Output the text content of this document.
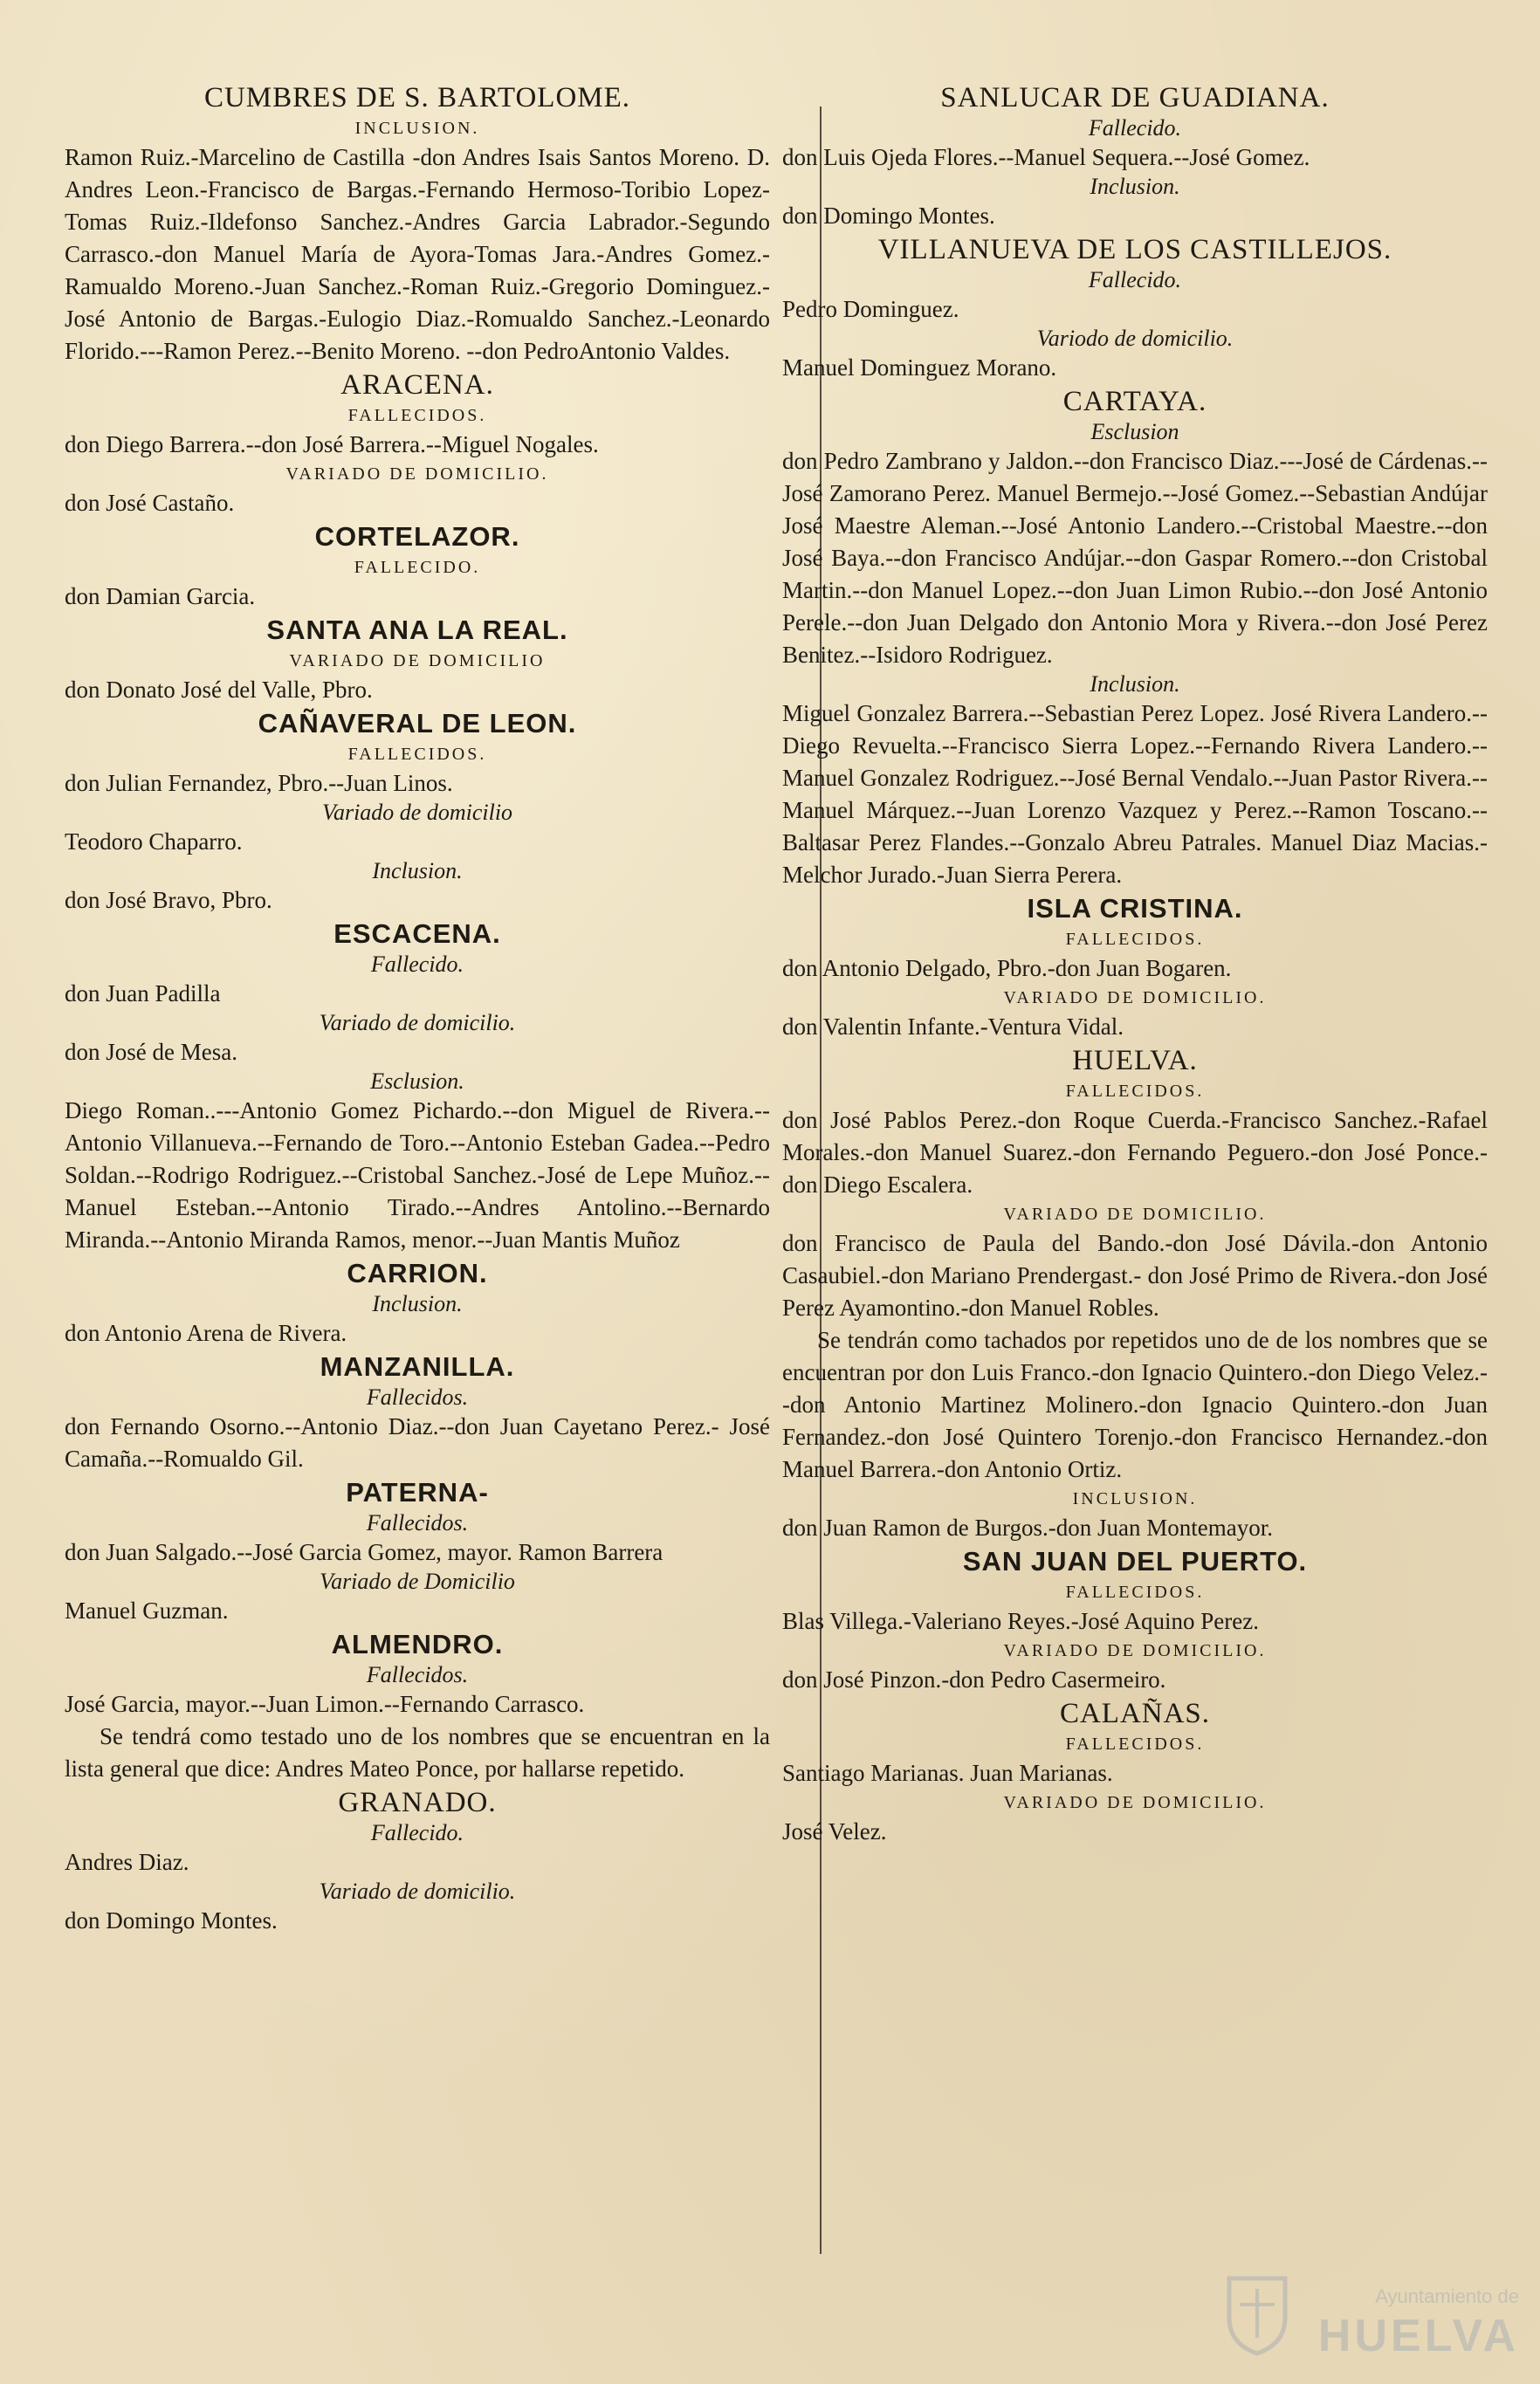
CUMBRES DE S. BARTOLOME.
INCLUSION.

Ramon Ruiz.-Marcelino de Castilla -don Andres Isais Santos Moreno. D. Andres Leon.-Francisco de Bargas.-Fernando Hermoso-Toribio Lopez-Tomas Ruiz.-Ildefonso Sanchez.-Andres Garcia Labrador.-Segundo Carrasco.-don Manuel María de Ayora-Tomas Jara.-Andres Gomez.-Ramualdo Moreno.-Juan Sanchez.-Roman Ruiz.-Gregorio Dominguez.-José Antonio de Bargas.-Eulogio Diaz.-Romualdo Sanchez.-Leonardo Florido.---Ramon Perez.--Benito Moreno. --don PedroAntonio Valdes.

ARACENA.
FALLECIDOS.

don Diego Barrera.--don José Barrera.--Miguel Nogales.

VARIADO DE DOMICILIO.

don José Castaño.

CORTELAZOR.
FALLECIDO.

don Damian Garcia.

SANTA ANA LA REAL.
VARIADO DE DOMICILIO

don Donato José del Valle, Pbro.

CAÑAVERAL DE LEON.
FALLECIDOS.

don Julian Fernandez, Pbro.--Juan Linos.

Variado de domicilio

Teodoro Chaparro.

Inclusion.

don José Bravo, Pbro.

ESCACENA.
Fallecido.

don Juan Padilla

Variado de domicilio.

don José de Mesa.

Esclusion.

Diego Roman..---Antonio Gomez Pichardo.--don Miguel de Rivera.--Antonio Villanueva.--Fernando de Toro.--Antonio Esteban Gadea.--Pedro Soldan.--Rodrigo Rodriguez.--Cristobal Sanchez.-José de Lepe Muñoz.--Manuel Esteban.--Antonio Tirado.--Andres Antolino.--Bernardo Miranda.--Antonio Miranda Ramos, menor.--Juan Mantis Muñoz

CARRION.
Inclusion.

don Antonio Arena de Rivera.

MANZANILLA.
Fallecidos.

don Fernando Osorno.--Antonio Diaz.--don Juan Cayetano Perez.- José Camaña.--Romualdo Gil.

PATERNA-
Fallecidos.

don Juan Salgado.--José Garcia Gomez, mayor. Ramon Barrera

Variado de Domicilio

Manuel Guzman.

ALMENDRO.
Fallecidos.

José Garcia, mayor.--Juan Limon.--Fernando Carrasco.

Se tendrá como testado uno de los nombres que se encuentran en la lista general que dice: Andres Mateo Ponce, por hallarse repetido.

GRANADO.
Fallecido.

Andres Diaz.

Variado de domicilio.

don Domingo Montes.

SANLUCAR DE GUADIANA.
Fallecido.

don Luis Ojeda Flores.--Manuel Sequera.--José Gomez.

Inclusion.

don Domingo Montes.

VILLANUEVA DE LOS CASTILLEJOS.
Fallecido.

Pedro Dominguez.

Variodo de domicilio.

Manuel Dominguez Morano.

CARTAYA.
Esclusion

don Pedro Zambrano y Jaldon.--don Francisco Diaz.---José de Cárdenas.--José Zamorano Perez. Manuel Bermejo.--José Gomez.--Sebastian Andújar José Maestre Aleman.--José Antonio Landero.--Cristobal Maestre.--don José Baya.--don Francisco Andújar.--don Gaspar Romero.--don Cristobal Martin.--don Manuel Lopez.--don Juan Limon Rubio.--don José Antonio Perele.--don Juan Delgado don Antonio Mora y Rivera.--don José Perez Benitez.--Isidoro Rodriguez.

Inclusion.

Miguel Gonzalez Barrera.--Sebastian Perez Lopez. José Rivera Landero.--Diego Revuelta.--Francisco Sierra Lopez.--Fernando Rivera Landero.--Manuel Gonzalez Rodriguez.--José Bernal Vendalo.--Juan Pastor Rivera.--Manuel Márquez.--Juan Lorenzo Vazquez y Perez.--Ramon Toscano.--Baltasar Perez Flandes.--Gonzalo Abreu Patrales. Manuel Diaz Macias.-Melchor Jurado.-Juan Sierra Perera.

ISLA CRISTINA.
FALLECIDOS.

don Antonio Delgado, Pbro.-don Juan Bogaren.

VARIADO DE DOMICILIO.

don Valentin Infante.-Ventura Vidal.

HUELVA.
FALLECIDOS.

don José Pablos Perez.-don Roque Cuerda.-Francisco Sanchez.-Rafael Morales.-don Manuel Suarez.-don Fernando Peguero.-don José Ponce.-don Diego Escalera.

VARIADO DE DOMICILIO.

don Francisco de Paula del Bando.-don José Dávila.-don Antonio Casaubiel.-don Mariano Prendergast.- don José Primo de Rivera.-don José Perez Ayamontino.-don Manuel Robles.

Se tendrán como tachados por repetidos uno de de los nombres que se encuentran por don Luis Franco.-don Ignacio Quintero.-don Diego Velez.--don Antonio Martinez Molinero.-don Ignacio Quintero.-don Juan Fernandez.-don José Quintero Torenjo.-don Francisco Hernandez.-don Manuel Barrera.-don Antonio Ortiz.

INCLUSION.

don Juan Ramon de Burgos.-don Juan Montemayor.

SAN JUAN DEL PUERTO.
FALLECIDOS.

Blas Villega.-Valeriano Reyes.-José Aquino Perez.

VARIADO DE DOMICILIO.

don José Pinzon.-don Pedro Casermeiro.

CALAÑAS.
FALLECIDOS.

Santiago Marianas. Juan Marianas.

VARIADO DE DOMICILIO.

José Velez.

Ayuntamiento de
HUELVA
